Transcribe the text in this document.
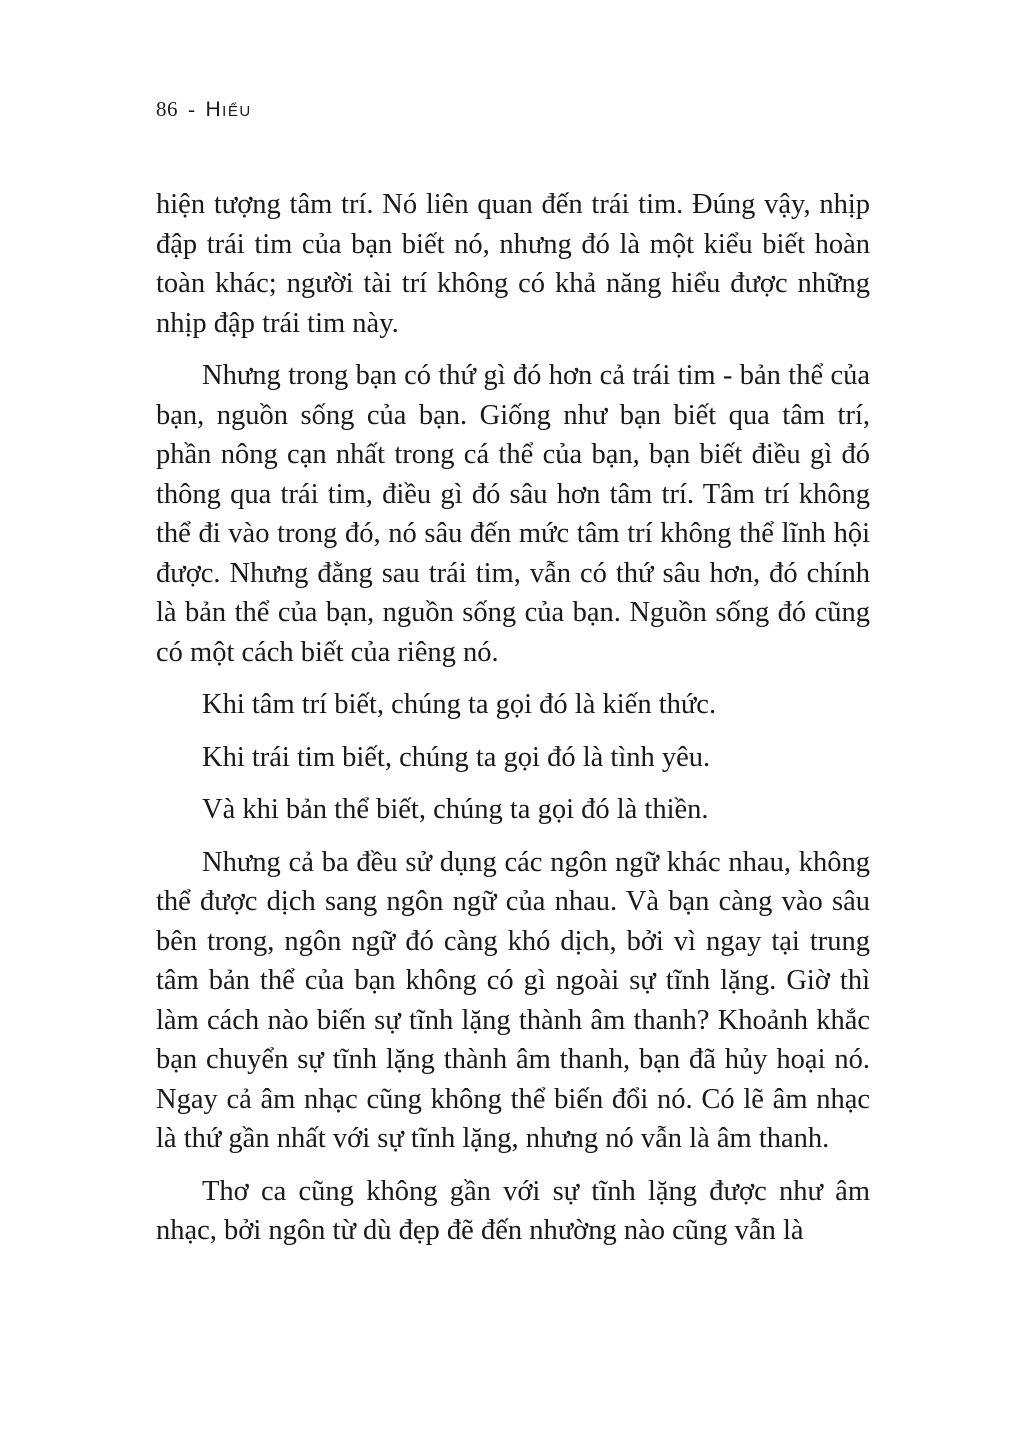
86 - Hiểu

hiện tượng tâm trí. Nó liên quan đến trái tim. Đúng vậy, nhịp đập trái tim của bạn biết nó, nhưng đó là một kiểu biết hoàn toàn khác; người tài trí không có khả năng hiểu được những nhịp đập trái tim này.

Nhưng trong bạn có thứ gì đó hơn cả trái tim - bản thể của bạn, nguồn sống của bạn. Giống như bạn biết qua tâm trí, phần nông cạn nhất trong cá thể của bạn, bạn biết điều gì đó thông qua trái tim, điều gì đó sâu hơn tâm trí. Tâm trí không thể đi vào trong đó, nó sâu đến mức tâm trí không thể lĩnh hội được. Nhưng đằng sau trái tim, vẫn có thứ sâu hơn, đó chính là bản thể của bạn, nguồn sống của bạn. Nguồn sống đó cũng có một cách biết của riêng nó.

Khi tâm trí biết, chúng ta gọi đó là kiến thức.

Khi trái tim biết, chúng ta gọi đó là tình yêu.

Và khi bản thể biết, chúng ta gọi đó là thiền.

Nhưng cả ba đều sử dụng các ngôn ngữ khác nhau, không thể được dịch sang ngôn ngữ của nhau. Và bạn càng vào sâu bên trong, ngôn ngữ đó càng khó dịch, bởi vì ngay tại trung tâm bản thể của bạn không có gì ngoài sự tĩnh lặng. Giờ thì làm cách nào biến sự tĩnh lặng thành âm thanh? Khoảnh khắc bạn chuyển sự tĩnh lặng thành âm thanh, bạn đã hủy hoại nó. Ngay cả âm nhạc cũng không thể biến đổi nó. Có lẽ âm nhạc là thứ gần nhất với sự tĩnh lặng, nhưng nó vẫn là âm thanh.

Thơ ca cũng không gần với sự tĩnh lặng được như âm nhạc, bởi ngôn từ dù đẹp đẽ đến nhường nào cũng vẫn là
